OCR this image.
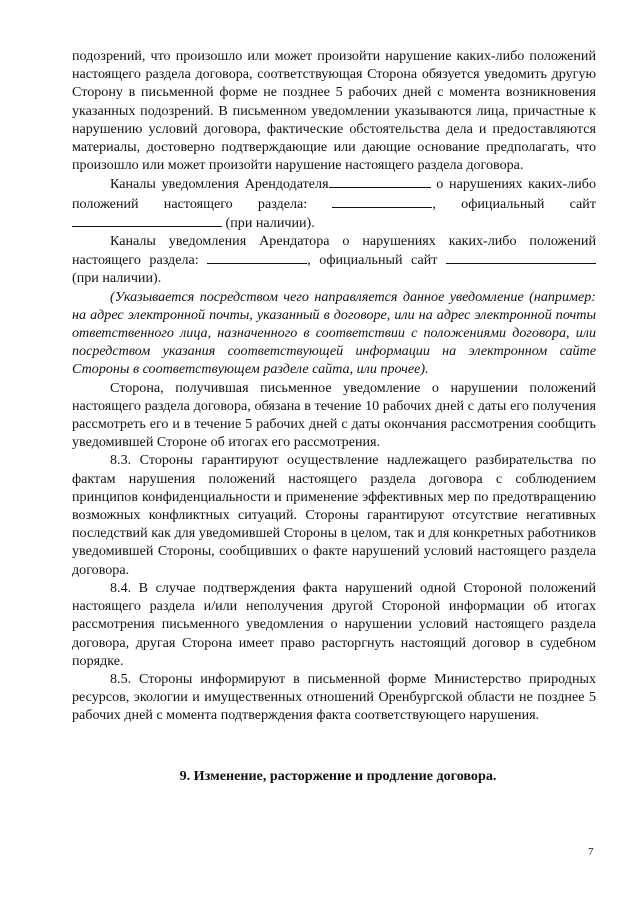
подозрений, что произошло или может произойти нарушение каких-либо положений настоящего раздела договора, соответствующая Сторона обязуется уведомить другую Сторону в письменной форме не позднее 5 рабочих дней с момента возникновения указанных подозрений. В письменном уведомлении указываются лица, причастные к нарушению условий договора, фактические обстоятельства дела и предоставляются материалы, достоверно подтверждающие или дающие основание предполагать, что произошло или может произойти нарушение настоящего раздела договора.

Каналы уведомления Арендодателя	о нарушениях каких-либо положений настоящего раздела:	, официальный сайт  (при наличии).

Каналы уведомления Арендатора о нарушениях каких-либо положений настоящего раздела:	, официальный сайт  (при наличии).

(Указывается посредством чего направляется данное уведомление (например: на адрес электронной почты, указанный в договоре, или на адрес электронной почты ответственного лица, назначенного в соответствии с положениями договора, или посредством указания соответствующей информации на электронном сайте Стороны в соответствующем разделе сайта, или прочее).

Сторона, получившая письменное уведомление о нарушении положений настоящего раздела договора, обязана в течение 10 рабочих дней с даты его получения рассмотреть его и в течение 5 рабочих дней с даты окончания рассмотрения сообщить уведомившей Стороне об итогах его рассмотрения.

8.3. Стороны гарантируют осуществление надлежащего разбирательства по фактам нарушения положений настоящего раздела договора с соблюдением принципов конфиденциальности и применение эффективных мер по предотвращению возможных конфликтных ситуаций. Стороны гарантируют отсутствие негативных последствий как для уведомившей Стороны в целом, так и для конкретных работников уведомившей Стороны, сообщивших о факте нарушений условий настоящего раздела договора.

8.4. В случае подтверждения факта нарушений одной Стороной положений настоящего раздела и/или неполучения другой Стороной информации об итогах рассмотрения письменного уведомления о нарушении условий настоящего раздела договора, другая Сторона имеет право расторгнуть настоящий договор в судебном порядке.

8.5. Стороны информируют в письменной форме Министерство природных ресурсов, экологии и имущественных отношений Оренбургской области не позднее 5 рабочих дней с момента подтверждения факта соответствующего нарушения.

9. Изменение, расторжение и продление договора.
7
